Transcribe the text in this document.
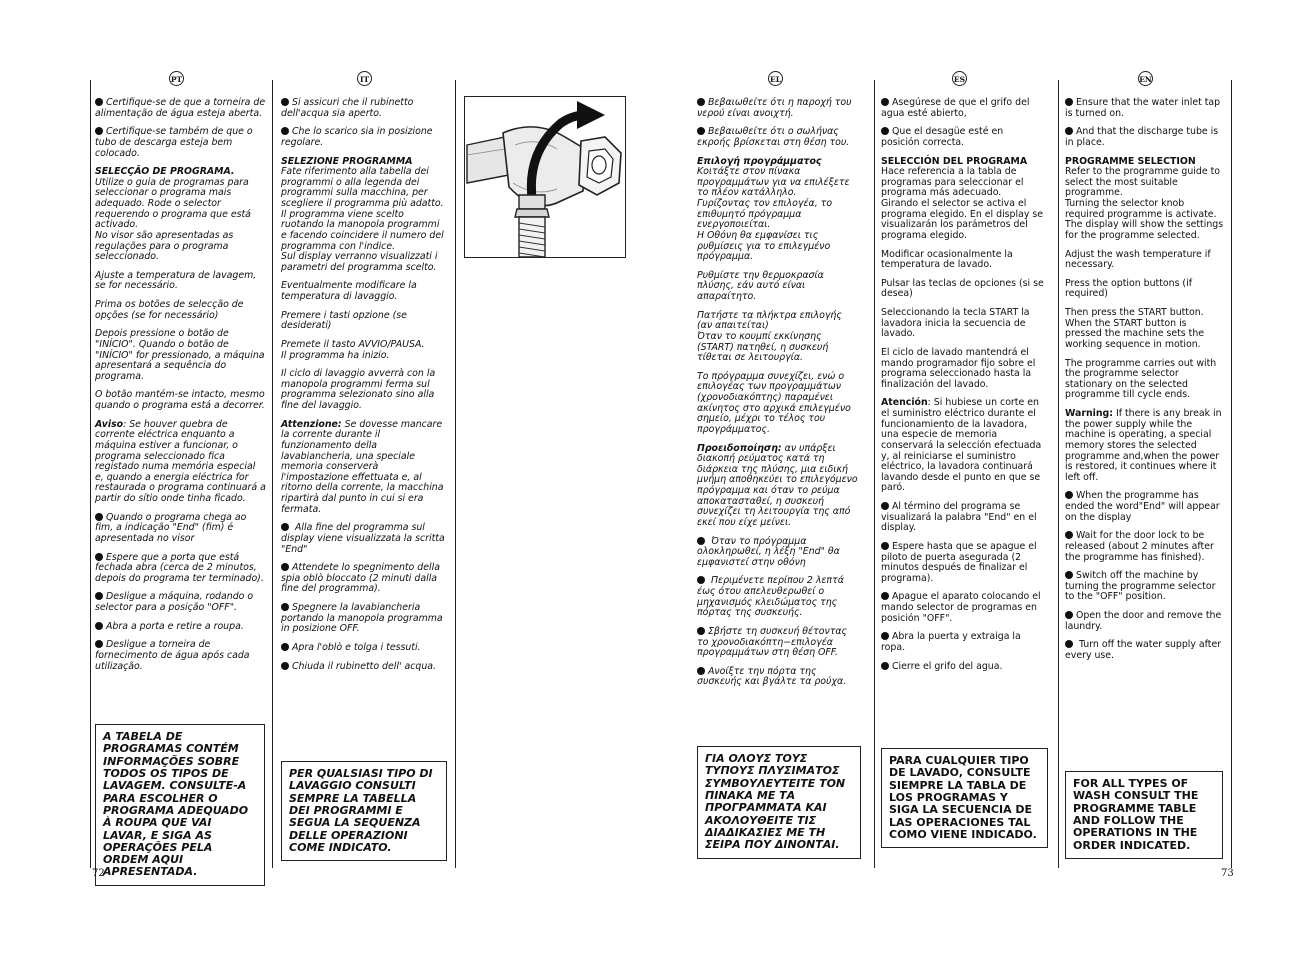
PT	IT	EL	ES	EN
Certifique-se de que a torneira de alimentação de água esteja aberta.
Certifique-se também de que o tubo de descarga esteja bem colocado.
SELECÇÃO DE PROGRAMA.
Utilize o guia de programas para seleccionar o programa mais adequado. Rode o selector requerendo o programa que está activado.
No visor são apresentadas as regulações para o programa seleccionado.
Ajuste a temperatura de lavagem, se for necessário.
Prima os botões de selecção de opções (se for necessário)
Depois pressione o botão de "INÍCIO". Quando o botão de "INÍCIO" for pressionado, a máquina apresentará a sequência do programa.
O botão mantém-se intacto, mesmo quando o programa está a decorrer.
Aviso: Se houver quebra de corrente eléctrica enquanto a máquina estiver a funcionar, o programa seleccionado fica registado numa memória especial e, quando a energia eléctrica for restaurada o programa continuará a partir do sítio onde tinha ficado.
Quando o programa chega ao fim, a indicação "End" (fim) é apresentada no visor
Espere que a porta que está fechada abra (cerca de 2 minutos, depois do programa ter terminado).
Desligue a máquina, rodando o selector para a posição "OFF".
Abra a porta e retire a roupa.
Desligue a torneira de fornecimento de água após cada utilização.
A TABELA DE PROGRAMAS CONTÉM INFORMAÇÕES SOBRE TODOS OS TIPOS DE LAVAGEM. CONSULTE-A PARA ESCOLHER O PROGRAMA ADEQUADO À ROUPA QUE VAI LAVAR, E SIGA AS OPERAÇÕES PELA ORDEM AQUI APRESENTADA.
Si assicuri che il rubinetto dell'acqua sia aperto.
Che lo scarico sia in posizione regolare.
SELEZIONE PROGRAMMA
Fate riferimento alla tabella dei programmi o alla legenda dei programmi sulla macchina, per scegliere il programma più adatto.
Il programma viene scelto ruotando la manopola programmi e facendo coincidere il numero del programma con l'indice.
Sul display verranno visualizzati i parametri del programma scelto.
Eventualmente modificare la temperatura di lavaggio.
Premere i tasti opzione (se desiderati)
Premete il tasto AVVIO/PAUSA.
Il programma ha inizio.
Il ciclo di lavaggio avverrà con la manopola programmi ferma sul programma selezionato sino alla fine del lavaggio.
Attenzione: Se dovesse mancare la corrente durante il funzionamento della lavabiancheria, una speciale memoria conserverà l'impostazione effettuata e, al ritorno della corrente, la macchina ripartirà dal punto in cui si era fermata.
Alla fine del programma sul display viene visualizzata la scritta "End"
Attendete lo spegnimento della spia oblò bloccato (2 minuti dalla fine del programma).
Spegnere la lavabiancheria portando la manopola programma in posizione OFF.
Apra l'oblò e tolga i tessuti.
Chiuda il rubinetto dell' acqua.
PER QUALSIASI TIPO DI LAVAGGIO CONSULTI SEMPRE LA TABELLA DEI PROGRAMMI E SEGUA LA SEQUENZA DELLE OPERAZIONI COME INDICATO.
Βεβαιωθείτε ότι η παροχή του νερού είναι ανοιχτή.
Βεβαιωθείτε ότι ο σωλήνας εκροής βρίσκεται στη θέση του.
Επιλογή προγράμματος
Κοιτάξτε στον πίνακα προγραμμάτων για να επιλέξετε το πλέον κατάλληλο.
Γυρίζοντας τον επιλογέα, το επιθυμητό πρόγραμμα ενεργοποιείται.
Η Οθόνη θα εμφανίσει τις ρυθμίσεις για το επιλεγμένο πρόγραμμα.
Ρυθμίστε την θερμοκρασία πλύσης, εάν αυτό είναι απαραίτητο.
Πατήστε τα πλήκτρα επιλογής (αν απαιτείται)
Όταν το κουμπί εκκίνησης (START) πατηθεί, η συσκευή τίθεται σε λειτουργία.
Το πρόγραμμα συνεχίζει, ενώ ο επιλογέας των προγραμμάτων (χρονοδιακόπτης) παραμένει ακίνητος στο αρχικά επιλεγμένο σημείο, μέχρι το τέλος του προγράμματος.
Προειδοποίηση: αν υπάρξει διακοπή ρεύματος κατά τη διάρκεια της πλύσης, μια ειδική μνήμη αποθηκεύει το επιλεγόμενο πρόγραμμα και όταν το ρεύμα αποκατασταθεί, η συσκευή συνεχίζει τη λειτουργία της από εκεί που είχε μείνει.
Όταν το πρόγραμμα ολοκληρωθεί, η λέξη "End" θα εμφανιστεί στην οθόνη
Περιμένετε περίπου 2 λεπτά έως ότου απελευθερωθεί ο μηχανισμός κλειδώματος της πόρτας της συσκευής.
Σβήστε τη συσκευή θέτοντας το χρονοδιακόπτη−επιλογέα προγραμμάτων στη θέση OFF.
Ανοίξτε την πόρτα της συσκευής και βγάλτε τα ρούχα.
ΓΙΑ ΟΛΟΥΣ ΤΟΥΣ ΤΥΠΟΥΣ ΠΛΥΣΙΜΑΤΟΣ ΣΥΜΒΟΥΛΕΥΤΕΙΤΕ ΤΟΝ ΠΙΝΑΚΑ ΜΕ ΤΑ ΠΡΟΓΡΑΜΜΑΤΑ ΚΑΙ ΑΚΟΛΟΥΘΕΙΤΕ ΤΙΣ ΔΙΑΔΙΚΑΣΙΕΣ ΜΕ ΤΗ ΣΕΙΡΑ ΠΟΥ ΔΙΝΟΝΤΑΙ.
Asegúrese de que el grifo del agua esté abierto,
Que el desagüe esté en posición correcta.
SELECCIÓN DEL PROGRAMA
Hace referencia a la tabla de programas para seleccionar el programa más adecuado.
Girando el selector se activa el programa elegido. En el display se visualizarán los parámetros del programa elegido.
Modificar ocasionalmente la temperatura de lavado.
Pulsar las teclas de opciones (si se desea)
Seleccionando la tecla START la lavadora inicia la secuencia de lavado.
El ciclo de lavado mantendrá el mando programador fijo sobre el programa seleccionado hasta la finalización del lavado.
Atención: Si hubiese un corte en el suministro eléctrico durante el funcionamiento de la lavadora, una especie de memoria conservará la selección efectuada y, al reiniciarse el suministro eléctrico, la lavadora continuará lavando desde el punto en que se paró.
Al término del programa se visualizará la palabra "End" en el display.
Espere hasta que se apague el piloto de puerta asegurada (2 minutos después de finalizar el programa).
Apague el aparato colocando el mando selector de programas en posición "OFF".
Abra la puerta y extraiga la ropa.
Cierre el grifo del agua.
PARA CUALQUIER TIPO DE LAVADO, CONSULTE SIEMPRE LA TABLA DE LOS PROGRAMAS Y SIGA LA SECUENCIA DE LAS OPERACIONES TAL COMO VIENE INDICADO.
Ensure that the water inlet tap is turned on.
And that the discharge tube is in place.
PROGRAMME SELECTION
Refer to the programme guide to select the most suitable programme.
Turning the selector knob required programme is activate.
The display will show the settings for the programme selected.
Adjust the wash temperature if necessary.
Press the option buttons (if required)
Then press the START button. When the START button is pressed the machine sets the working sequence in motion.
The programme carries out with the programme selector stationary on the selected programme till cycle ends.
Warning: If there is any break in the power supply while the machine is operating, a special memory stores the selected programme and,when the power is restored, it continues where it left off.
When the programme has ended the word"End" will appear on the display
Wait for the door lock to be released (about 2 minutes after the programme has finished).
Switch off the machine by turning the programme selector to the "OFF" position.
Open the door and remove the laundry.
Turn off the water supply after every use.
FOR ALL TYPES OF WASH CONSULT THE PROGRAMME TABLE AND FOLLOW THE OPERATIONS IN THE ORDER INDICATED.
72	73
